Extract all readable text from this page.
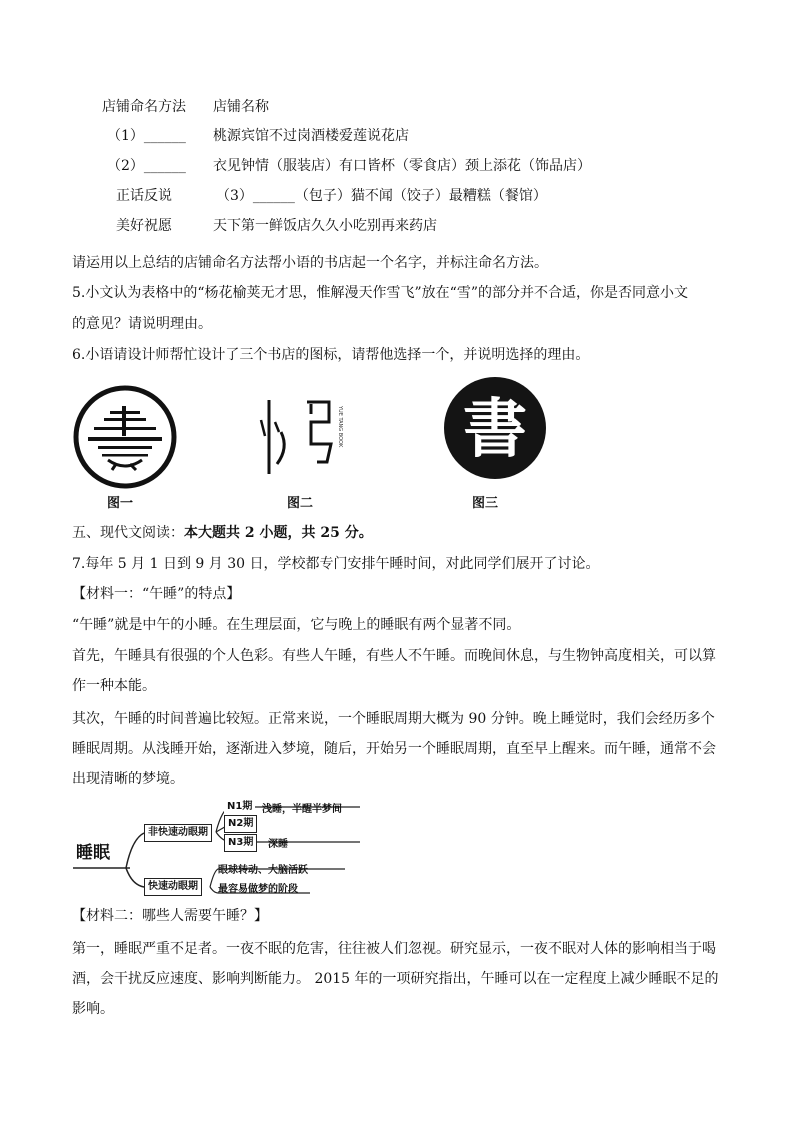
店铺命名方法 店铺名称
（1）______ 桃源宾馆不过岗酒楼爱莲说花店
（2）______ 衣见钟情（服装店）有口皆杯（零食店）颈上添花（饰品店）
正话反说	（3）______（包子）猫不闻（饺子）最糟糕（餐馆）
美好祝愿	天下第一鲜饭店久久小吃别再来药店
请运用以上总结的店铺命名方法帮小语的书店起一个名字，并标注命名方法。
5.小文认为表格中的“杨花榆荚无才思，惟解漫天作雪飞”放在“雪”的部分并不合适，你是否同意小文
的意见？请说明理由。
6.小语请设计师帮忙设计了三个书店的图标，请帮他选择一个，并说明选择的理由。
YUE TANG BOOK 書
图一	图二	图三
五、现代文阅读：本大题共 2 小题，共 25 分。
7.每年 5 月 1 日到 9 月 30 日，学校都专门安排午睡时间，对此同学们展开了讨论。
【材料一：“午睡”的特点】
“午睡”就是中午的小睡。在生理层面，它与晚上的睡眠有两个显著不同。
首先，午睡具有很强的个人色彩。有些人午睡，有些人不午睡。而晚间休息，与生物钟高度相关，可以算
作一种本能。
其次，午睡的时间普遍比较短。正常来说，一个睡眠周期大概为 90 分钟。晚上睡觉时，我们会经历多个
睡眠周期。从浅睡开始，逐渐进入梦境，随后，开始另一个睡眠周期，直至早上醒来。而午睡，通常不会
出现清晰的梦境。
睡眠
非快速动眼期
快速动眼期
N1期 浅睡，半醒半梦间
N2期
N3期	深睡
眼球转动、大脑活跃
最容易做梦的阶段
【材料二：哪些人需要午睡？】
第一，睡眠严重不足者。一夜不眠的危害，往往被人们忽视。研究显示，一夜不眠对人体的影响相当于喝
酒，会干扰反应速度、影响判断能力。 2015 年的一项研究指出，午睡可以在一定程度上减少睡眠不足的
影响。
